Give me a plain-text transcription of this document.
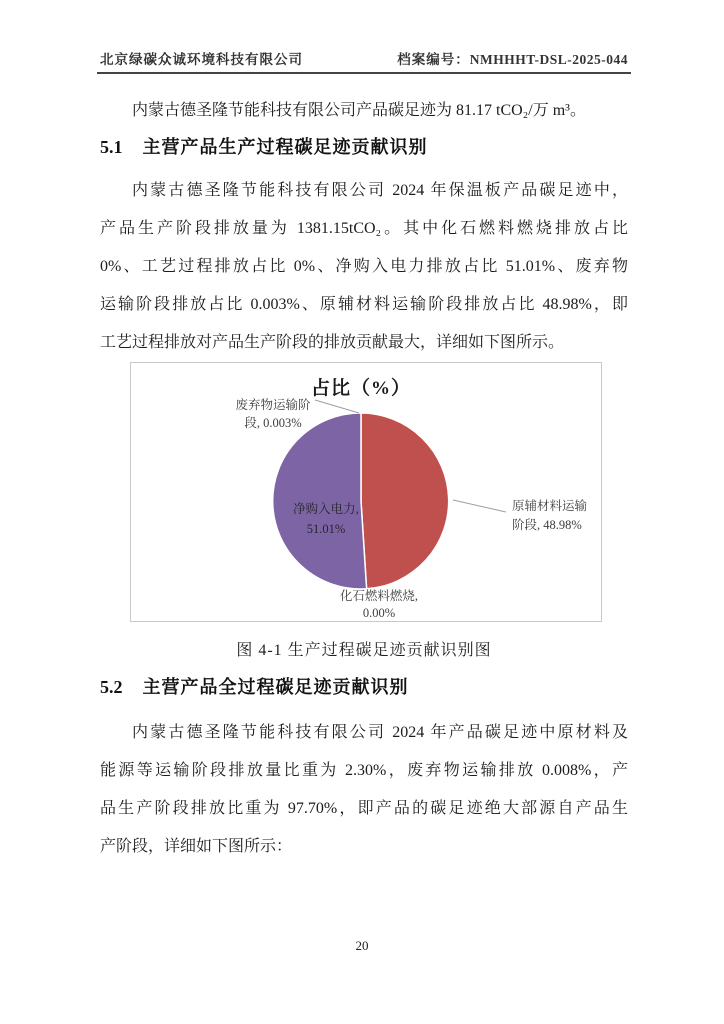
北京绿碳众诚环境科技有限公司	档案编号：NMHHHT-DSL-2025-044
内蒙古德圣隆节能科技有限公司产品碳足迹为 81.17 tCO₂/万 m³。
5.1 主营产品生产过程碳足迹贡献识别
内蒙古德圣隆节能科技有限公司 2024 年保温板产品碳足迹中，
产品生产阶段排放量为 1381.15tCO₂。其中化石燃料燃烧排放占比
0%、工艺过程排放占比 0%、净购入电力排放占比 51.01%、废弃物
运输阶段排放占比 0.003%、原辅材料运输阶段排放占比 48.98%，即
工艺过程排放对产品生产阶段的排放贡献最大，详细如下图所示。
占比（%）
废弃物运输阶
段, 0.003%
净购入电力,
51.01%
原辅材料运输
阶段, 48.98%
化石燃料燃烧,
0.00%
图 4-1 生产过程碳足迹贡献识别图
5.2 主营产品全过程碳足迹贡献识别
内蒙古德圣隆节能科技有限公司 2024 年产品碳足迹中原材料及
能源等运输阶段排放量比重为 2.30%，废弃物运输排放 0.008%，产
品生产阶段排放比重为 97.70%，即产品的碳足迹绝大部源自产品生
产阶段，详细如下图所示：
20
